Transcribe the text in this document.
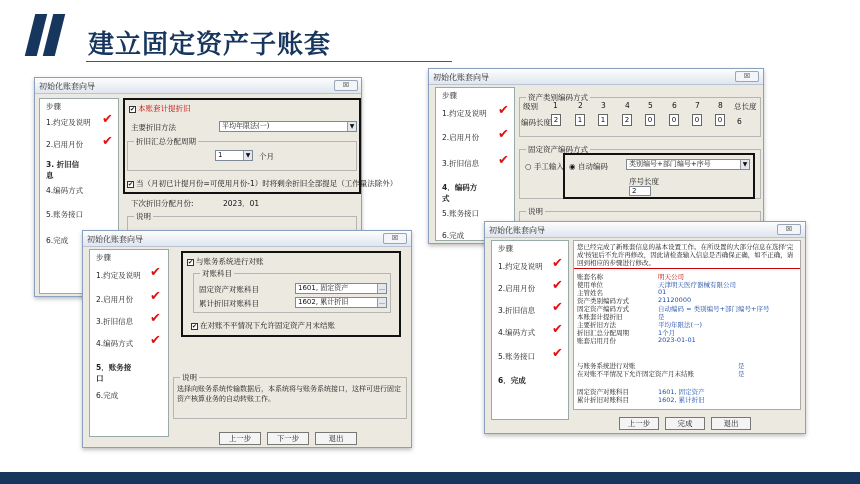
建立固定资产子账套
初始化账套向导	☒
步骤
1.约定及说明 ✔
2.启用月份 ✔
3. 折旧信息
4.编码方式
5.账务接口
6.完成
✔ 本账套计提折旧
主要折旧方法	平均年限法(一)	▼
折旧汇总分配周期
1	▼ 个月
✔ 当（月初已计提月份=可使用月份-1）时将剩余折旧全部提足（工作量法除外）
下次折旧分配月份:	2023．01
说明
初始化账套向导	☒
步骤
1.约定及说明 ✔
2.启用月份 ✔
3.折旧信息 ✔
4．编码方式
5.账务接口
6.完成
资产类别编码方式
级别 1	2 3	4 5	6 7 8 总长度
编码长度 2	1	1	2	0	0	0	0	6
固定资产编码方式
○ 手工输入 ◉ 自动编码	类别编号+部门编号+序号	▼
序号长度
2
说明
初始化账套向导	☒
步骤
1.约定及说明 ✔
2.启用月份 ✔
3.折旧信息 ✔
4.编码方式 ✔
5．账务接口
6.完成
✔ 与账务系统进行对账
对账科目
固定资产对账科目	1601, 固定资产	…
累计折旧对账科目	1602, 累计折旧	…
✔ 在对账不平情况下允许固定资产月末结账
说明
选择向账务系统传输数据后，本系统将与账务系统接口，这样可进行固定资产核算业务的自动转账工作。
上一步	下一步	退出
初始化账套向导	☒
步骤
1.约定及说明 ✔
2.启用月份 ✔
3.折旧信息 ✔
4.编码方式 ✔
5.账务接口 ✔
6．完成
您已经完成了新账套信息的基本设置工作。在所设置的大部分信息在选择'完成'按钮后不允许再修改，因此请检查输入信息是否确保正确，如不正确，请回到相应的步骤进行修改。
账套名称	明天公司
使用单位	天津明天医疗器械有限公司
主管姓名	01
资产类别编码方式	21120000
固定资产编码方式	自动编码 = 类别编号+部门编号+序号
本账套计提折旧	是
主要折旧方法	平均年限法(一)
折旧汇总分配周期	1个月
账套启用月份	2023-01-01
与账务系统进行对账	是
在对账不平情况下允许固定资产月末结账	是
固定资产对账科目	1601, 固定资产
累计折旧对账科目	1602, 累计折旧
上一步	完成	退出
